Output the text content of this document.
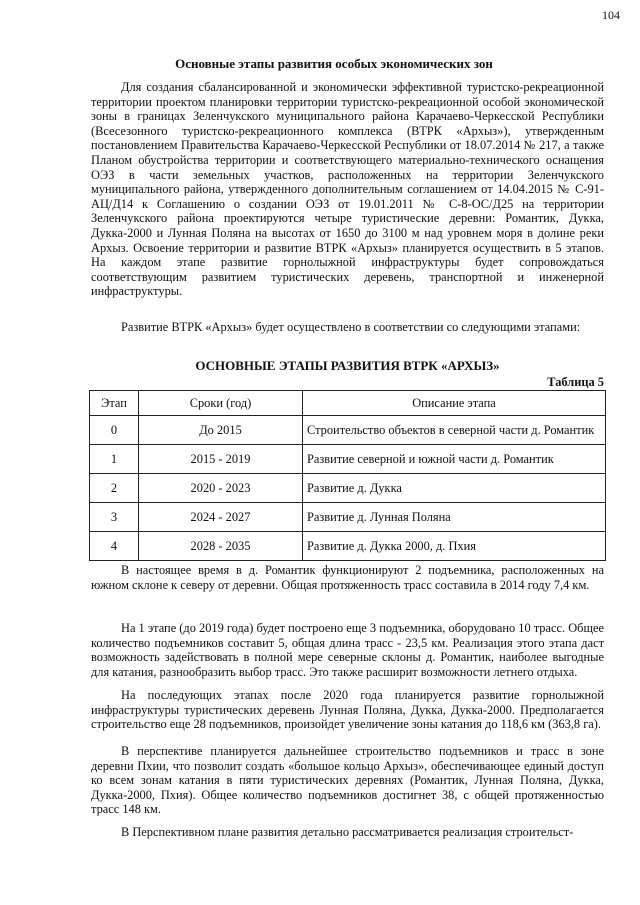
104
Основные этапы развития особых экономических зон

Для создания сбалансированной и экономически эффективной туристско-рекреационной территории проектом планировки территории туристско-рекреационной особой экономической зоны в границах Зеленчукского муниципального района Карачаево-Черкесской Республики (Всесезонного туристско-рекреационного комплекса (ВТРК «Архыз»), утвержденным постановлением Правительства Карачаево-Черкесской Республики от 18.07.2014 № 217, а также Планом обустройства территории и соответствующего материально-технического оснащения ОЭЗ в части земельных участков, расположенных на территории Зеленчукского муниципального района, утвержденного дополнительным соглашением от 14.04.2015 № С-91-АЦ/Д14 к Соглашению о создании ОЭЗ от 19.01.2011 № С-8-ОС/Д25 на территории Зеленчукского района проектируются четыре туристические деревни: Романтик, Дукка, Дукка-2000 и Лунная Поляна на высотах от 1650 до 3100 м над уровнем моря в долине реки Архыз. Освоение территории и развитие ВТРК «Архыз» планируется осуществить в 5 этапов. На каждом этапе развитие горнолыжной инфраструктуры будет сопровождаться соответствующим развитием туристических деревень, транспортной и инженерной инфраструктуры.

Развитие ВТРК «Архыз» будет осуществлено в соответствии со следующими этапами:

ОСНОВНЫЕ ЭТАПЫ РАЗВИТИЯ ВТРК «АРХЫЗ»
Таблица 5
Этап	Сроки (год)	Описание этапа
0	До 2015	Строительство объектов в северной части д. Романтик
1	2015 - 2019	Развитие северной и южной части д. Романтик
2	2020 - 2023	Развитие д. Дукка
3	2024 - 2027	Развитие д. Лунная Поляна
4	2028 - 2035	Развитие д. Дукка 2000, д. Пхия

В настоящее время в д. Романтик функционируют 2 подъемника, расположенных на южном склоне к северу от деревни. Общая протяженность трасс составила в 2014 году 7,4 км.

На 1 этапе (до 2019 года) будет построено еще 3 подъемника, оборудовано 10 трасс. Общее количество подъемников составит 5, общая длина трасс - 23,5 км. Реализация этого этапа даст возможность задействовать в полной мере северные склоны д. Романтик, наиболее выгодные для катания, разнообразить выбор трасс. Это также расширит возможности летнего отдыха.

На последующих этапах после 2020 года планируется развитие горнолыжной инфраструктуры туристических деревень Лунная Поляна, Дукка, Дукка-2000. Предполагается строительство еще 28 подъемников, произойдет увеличение зоны катания до 118,6 км (363,8 га).

В перспективе планируется дальнейшее строительство подъемников и трасс в зоне деревни Пхии, что позволит создать «большое кольцо Архыз», обеспечивающее единый доступ ко всем зонам катания в пяти туристических деревнях (Романтик, Лунная Поляна, Дукка, Дукка-2000, Пхия). Общее количество подъемников достигнет 38, с общей протяженностью трасс 148 км.

В Перспективном плане развития детально рассматривается реализация строительст-
